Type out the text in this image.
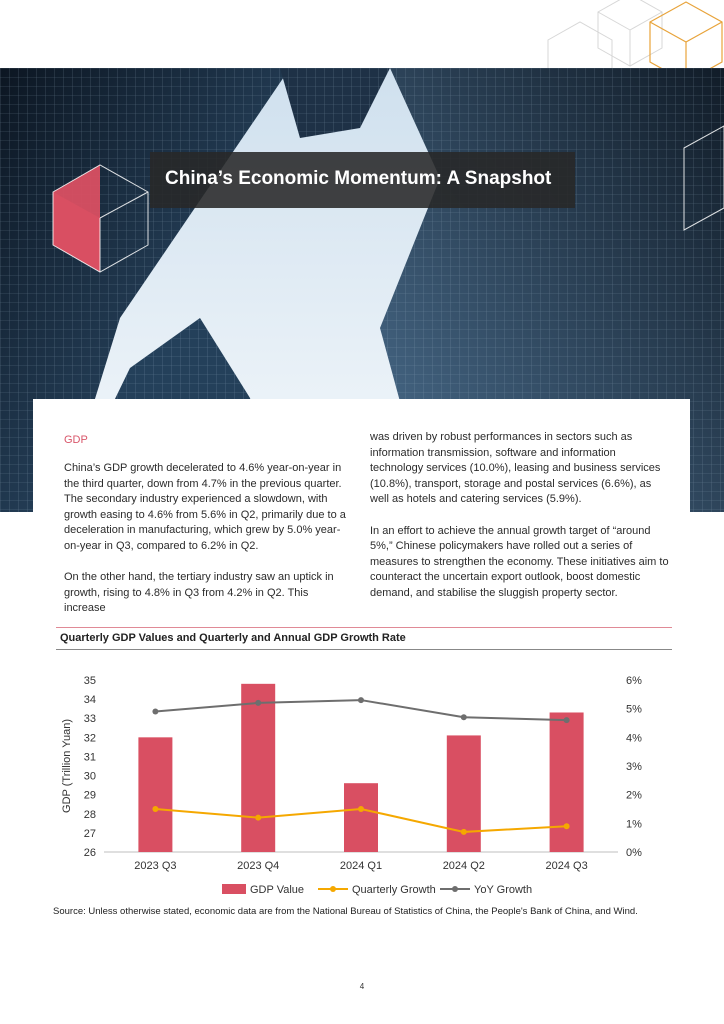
China’s Economic Momentum: A Snapshot
GDP

China’s GDP growth decelerated to 4.6% year-on-year in the third quarter, down from 4.7% in the previous quarter. The secondary industry experienced a slowdown, with growth easing to 4.6% from 5.6% in Q2, primarily due to a deceleration in manufacturing, which grew by 5.0% year-on-year in Q3, compared to 6.2% in Q2.

On the other hand, the tertiary industry saw an uptick in growth, rising to 4.8% in Q3 from 4.2% in Q2. This increase

was driven by robust performances in sectors such as information transmission, software and information technology services (10.0%), leasing and business services (10.8%), transport, storage and postal services (6.6%), as well as hotels and catering services (5.9%).

In an effort to achieve the annual growth target of “around 5%,” Chinese policymakers have rolled out a series of measures to strengthen the economy. These initiatives aim to counteract the uncertain export outlook, boost domestic demand, and stabilise the sluggish property sector.

Quarterly GDP Values and Quarterly and Annual GDP Growth Rate
26
27
28
29
30
31
32
33
34
35
0%
1%
2%
3%
4%
5%
6%
GDP (Trillion Yuan)
2023 Q3	2023 Q4	2024 Q1	2024 Q2	2024 Q3
GDP Value	Quarterly Growth	YoY Growth
Source: Unless otherwise stated, economic data are from the National Bureau of Statistics of China, the People's Bank of China, and Wind.
4
